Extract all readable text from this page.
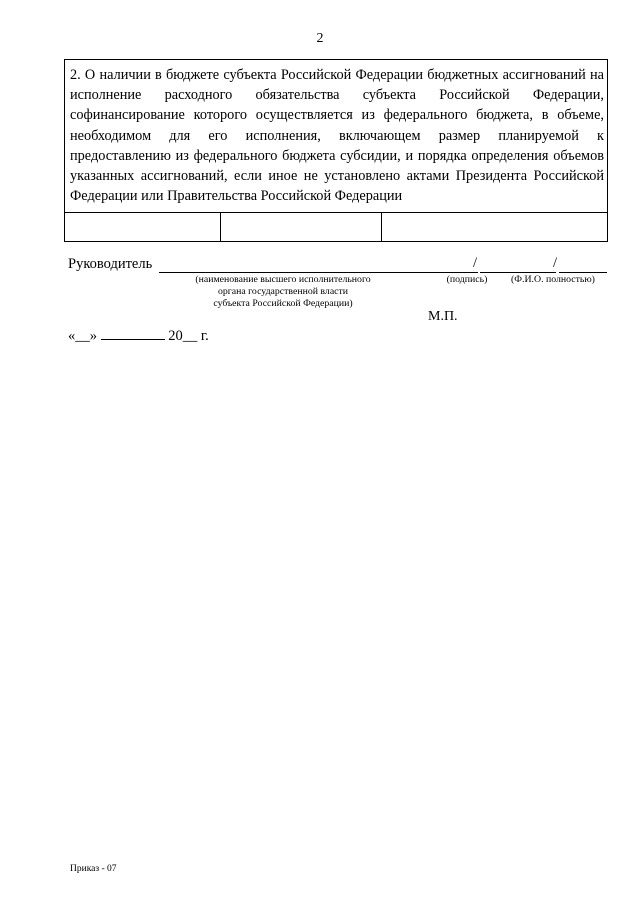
2
2. О наличии в бюджете субъекта Российской Федерации бюджетных ассигнований на исполнение расходного обязательства субъекта Российской Федерации, софинансирование которого осуществляется из федерального бюджета, в объеме, необходимом для его исполнения, включающем размер планируемой к предоставлению из федерального бюджета субсидии, и порядка определения объемов указанных ассигнований, если иное не установлено актами Президента Российской Федерации или Правительства Российской Федерации

Руководитель	/	/
(наименование высшего исполнительного
органа государственной власти
субъекта Российской Федерации)
(подпись)	(Ф.И.О. полностью)
М.П.
«__»	20__ г.
Приказ - 07
